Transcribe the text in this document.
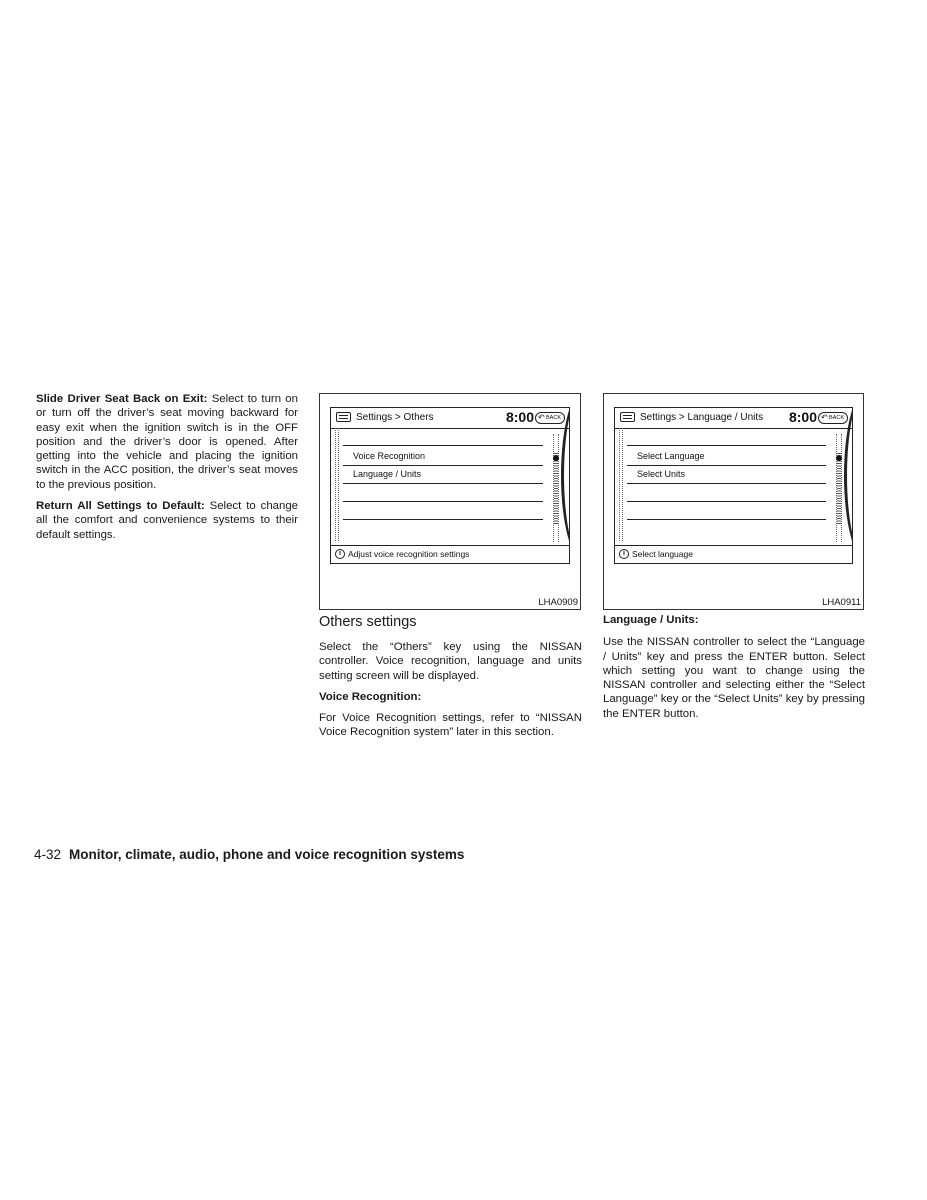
Slide Driver Seat Back on Exit: Select to turn on or turn off the driver’s seat moving backward for easy exit when the ignition switch is in the OFF position and the driver’s door is opened. After getting into the vehicle and placing the ignition switch in the ACC position, the driver’s seat moves to the previous position.

Return All Settings to Default: Select to change all the comfort and convenience systems to their default settings.

Settings > Others	8:00 ↶ BACK
Voice Recognition
Language / Units
i Adjust voice recognition settings
LHA0909
Settings > Language / Units 8:00 ↶ BACK
Select Language
Select Units
i Select language
LHA0911
Others settings

Select the “Others” key using the NISSAN controller. Voice recognition, language and units setting screen will be displayed.

Voice Recognition:

For Voice Recognition settings, refer to “NISSAN Voice Recognition system” later in this section.

Language / Units:

Use the NISSAN controller to select the “Language / Units” key and press the ENTER button. Select which setting you want to change using the NISSAN controller and selecting either the “Select Language” key or the “Select Units” key by pressing the ENTER button.

4-32 Monitor, climate, audio, phone and voice recognition systems
